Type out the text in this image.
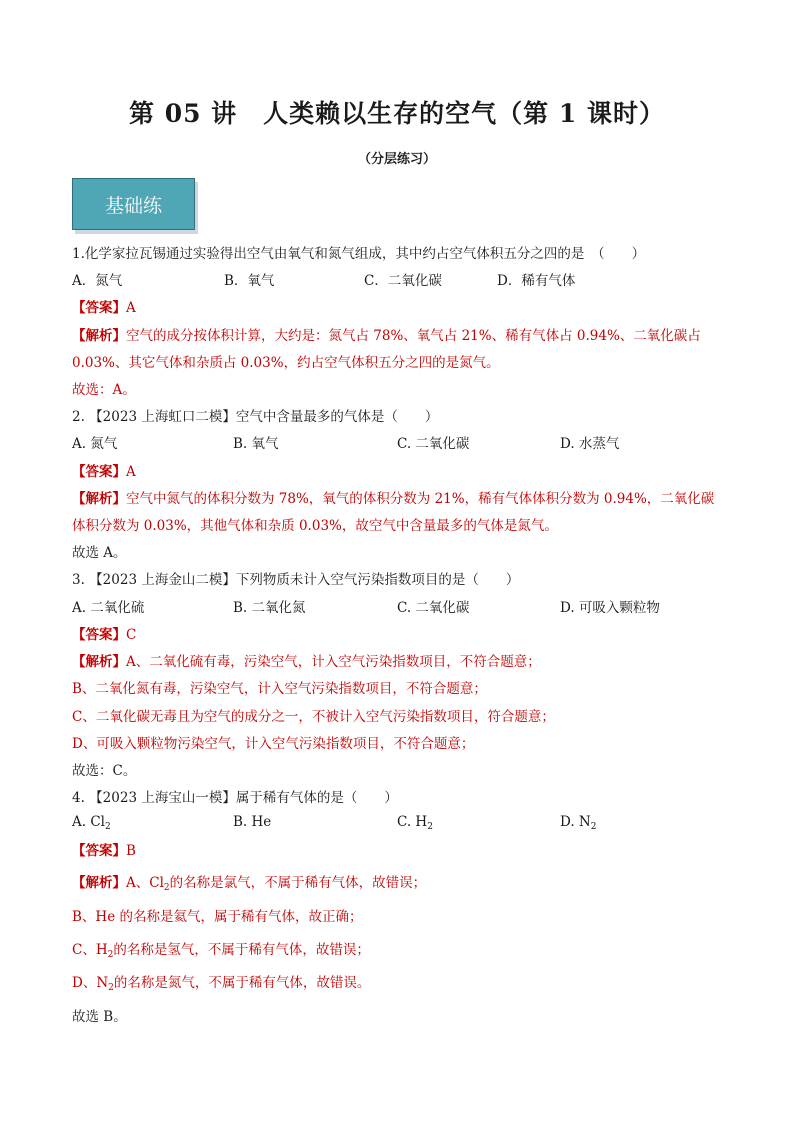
第 05 讲　人类赖以生存的空气（第 1 课时）
（分层练习）
基础练
1.化学家拉瓦锡通过实验得出空气由氧气和氮气组成，其中约占空气体积五分之四的是　（　　）
A．氮气	B．氧气	C．二氧化碳	D．稀有气体
【答案】A
【解析】空气的成分按体积计算，大约是：氮气占 78%、氧气占 21%、稀有气体占 0.94%、二氧化碳占
0.03%、其它气体和杂质占 0.03%，约占空气体积五分之四的是氮气。
故选：A。
2. 【2023 上海虹口二模】空气中含量最多的气体是（　　）
A. 氮气	B. 氧气	C. 二氧化碳	D. 水蒸气
【答案】A
【解析】空气中氮气的体积分数为 78%，氧气的体积分数为 21%，稀有气体体积分数为 0.94%，二氧化碳
体积分数为 0.03%，其他气体和杂质 0.03%，故空气中含量最多的气体是氮气。
故选 A。
3. 【2023 上海金山二模】下列物质未计入空气污染指数项目的是（　　）
A. 二氧化硫	B. 二氧化氮	C. 二氧化碳	D. 可吸入颗粒物
【答案】C
【解析】A、二氧化硫有毒，污染空气，计入空气污染指数项目，不符合题意；
B、二氧化氮有毒，污染空气，计入空气污染指数项目，不符合题意；
C、二氧化碳无毒且为空气的成分之一，不被计入空气污染指数项目，符合题意；
D、可吸入颗粒物污染空气，计入空气污染指数项目，不符合题意；
故选：C。
4. 【2023 上海宝山一模】属于稀有气体的是（　　）
A. $Cl_2$	B. He	C. $H_2$	D. $N_2$
【答案】B
【解析】A、$Cl_2$的名称是氯气，不属于稀有气体，故错误；
B、He 的名称是氦气，属于稀有气体，故正确；
C、$H_2$的名称是氢气，不属于稀有气体，故错误；
D、$N_2$的名称是氮气，不属于稀有气体，故错误。
故选 B。
